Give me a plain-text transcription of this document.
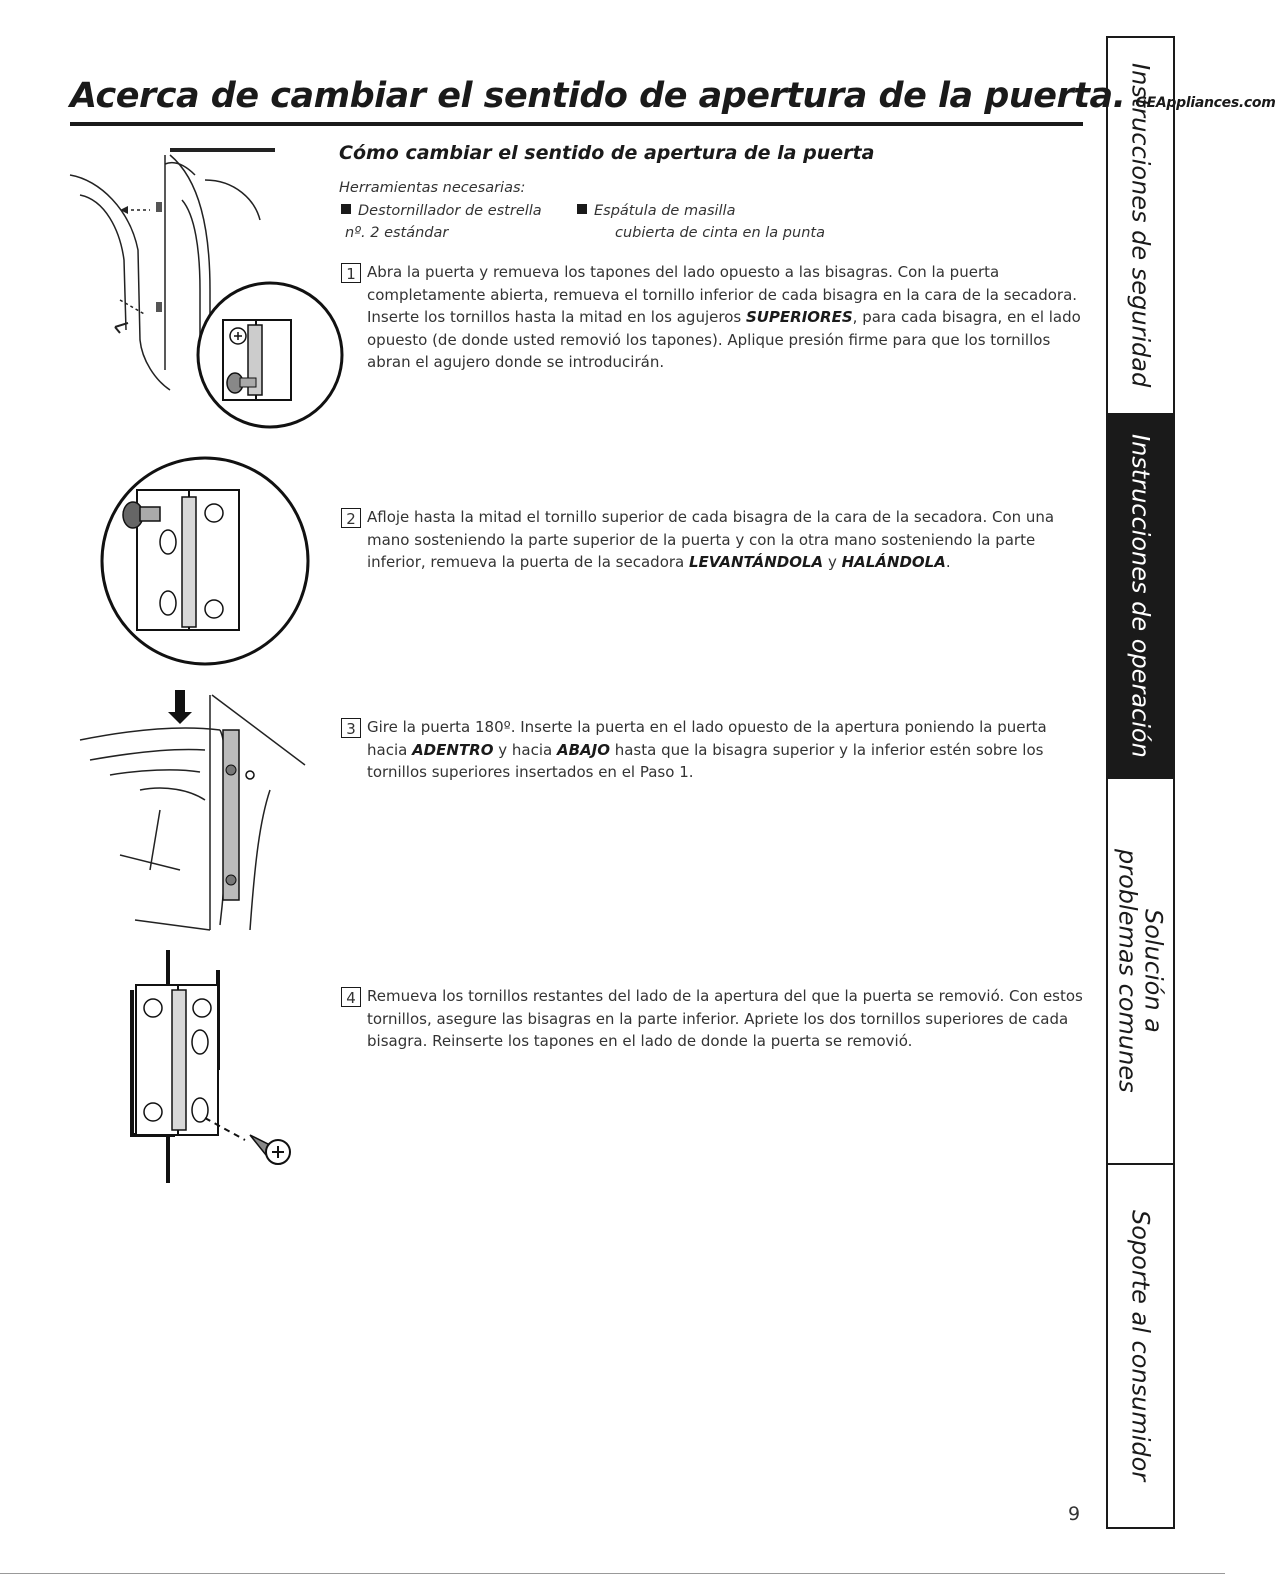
Acerca de cambiar el sentido de apertura de la puerta. GEAppliances.com
Cómo cambiar el sentido de apertura de la puerta
Herramientas necesarias:
Destornillador de estrella
nº. 2 estándar
Espátula de masilla
cubierta de cinta en la punta
1 Abra la puerta y remueva los tapones del lado opuesto a las bisagras. Con la puerta completamente abierta, remueva el tornillo inferior de cada bisagra en la cara de la secadora. Inserte los tornillos hasta la mitad en los agujeros SUPERIORES, para cada bisagra, en el lado opuesto (de donde usted removió los tapones). Aplique presión firme para que los tornillos abran el agujero donde se introducirán.
2 Afloje hasta la mitad el tornillo superior de cada bisagra de la cara de la secadora. Con una mano sosteniendo la parte superior de la puerta y con la otra mano sosteniendo la parte inferior, remueva la puerta de la secadora LEVANTÁNDOLA y HALÁNDOLA.
3 Gire la puerta 180º. Inserte la puerta en el lado opuesto de la apertura poniendo la puerta hacia ADENTRO y hacia ABAJO hasta que la bisagra superior y la inferior estén sobre los tornillos superiores insertados en el Paso 1.
4 Remueva los tornillos restantes del lado de la apertura del que la puerta se removió. Con estos tornillos, asegure las bisagras en la parte inferior. Apriete los dos tornillos superiores de cada bisagra. Reinserte los tapones en el lado de donde la puerta se removió.
Instrucciones de seguridad
Instrucciones de operación
Solución a
problemas comunes
Soporte al consumidor
9
